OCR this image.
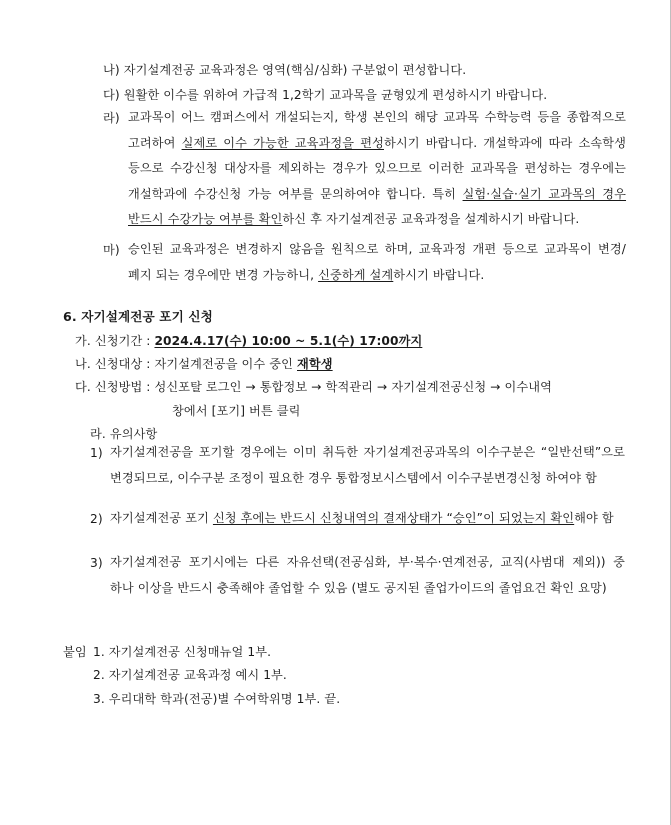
나) 자기설계전공 교육과정은 영역(핵심/심화) 구분없이 편성합니다.
다) 원활한 이수를 위하여 가급적 1,2학기 교과목을 균형있게 편성하시기 바랍니다.
라) 교과목이 어느 캠퍼스에서 개설되는지, 학생 본인의 해당 교과목 수학능력 등을 종합적으로 고려하여 실제로 이수 가능한 교육과정을 편성하시기 바랍니다. 개설학과에 따라 소속학생 등으로 수강신청 대상자를 제외하는 경우가 있으므로 이러한 교과목을 편성하는 경우에는 개설학과에 수강신청 가능 여부를 문의하여야 합니다. 특히 실험·실습·실기 교과목의 경우 반드시 수강가능 여부를 확인하신 후 자기설계전공 교육과정을 설계하시기 바랍니다.
마) 승인된 교육과정은 변경하지 않음을 원칙으로 하며, 교육과정 개편 등으로 교과목이 변경/폐지 되는 경우에만 변경 가능하니, 신중하게 설계하시기 바랍니다.
6. 자기설계전공 포기 신청
가. 신청기간 : 2024.4.17(수) 10:00 ~ 5.1(수) 17:00까지
나. 신청대상 : 자기설계전공을 이수 중인 재학생
다. 신청방법 : 성신포탈 로그인 → 통합정보 → 학적관리 → 자기설계전공신청 → 이수내역
창에서 [포기] 버튼 클릭
라. 유의사항
1) 자기설계전공을 포기할 경우에는 이미 취득한 자기설계전공과목의 이수구분은 “일반선택”으로 변경되므로, 이수구분 조정이 필요한 경우 통합정보시스템에서 이수구분변경신청 하여야 함
2) 자기설계전공 포기 신청 후에는 반드시 신청내역의 결재상태가 “승인”이 되었는지 확인해야 함
3) 자기설계전공 포기시에는 다른 자유선택(전공심화, 부·복수·연계전공, 교직(사범대 제외)) 중 하나 이상을 반드시 충족해야 졸업할 수 있음 (별도 공지된 졸업가이드의 졸업요건 확인 요망)
붙임 1. 자기설계전공 신청매뉴얼 1부.
2. 자기설계전공 교육과정 예시 1부.
3. 우리대학 학과(전공)별 수여학위명 1부. 끝.
